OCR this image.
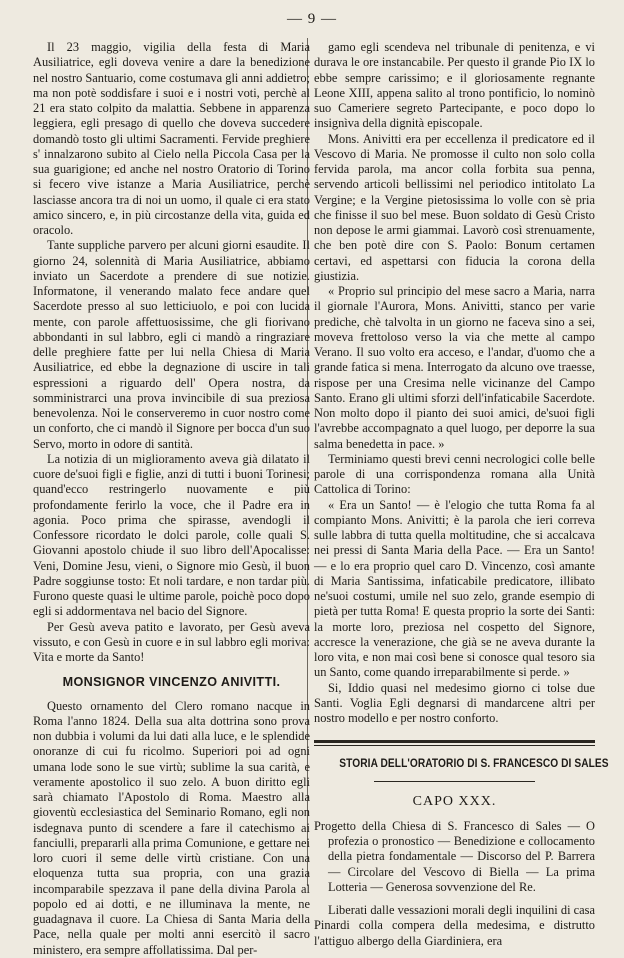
— 9 —

Il 23 maggio, vigilia della festa di Maria Ausiliatrice, egli doveva venire a dare la benedizione nel nostro Santuario, come costumava gli anni addietro; ma non potè soddisfare i suoi e i nostri voti, perchè al 21 era stato colpito da malattia. Sebbene in apparenza leggiera, egli presago di quello che doveva succedere domandò tosto gli ultimi Sacramenti. Fervide preghiere s' innalzarono subito al Cielo nella Piccola Casa per la sua guarigione; ed anche nel nostro Oratorio di Torino si fecero vive istanze a Maria Ausiliatrice, perchè lasciasse ancora tra di noi un uomo, il quale ci era stato amico sincero, e, in più circostanze della vita, guida ed oracolo.

Tante suppliche parvero per alcuni giorni esaudite. Il giorno 24, solennità di Maria Ausiliatrice, abbiamo inviato un Sacerdote a prendere di sue notizie. Informatone, il venerando malato fece andare quel Sacerdote presso al suo letticiuolo, e poi con lucida mente, con parole affettuosissime, che gli fiorivano abbondanti in sul labbro, egli ci mandò a ringraziare delle preghiere fatte per lui nella Chiesa di Maria Ausiliatrice, ed ebbe la degnazione di uscire in tali espressioni a riguardo dell' Opera nostra, da somministrarci una prova invincibile di sua preziosa benevolenza. Noi le conserveremo in cuor nostro come un conforto, che ci mandò il Signore per bocca d'un suo Servo, morto in odore di santità.

La notizia di un miglioramento aveva già dilatato il cuore de'suoi figli e figlie, anzi di tutti i buoni Torinesi; quand'ecco restringerlo nuovamente e più profondamente ferirlo la voce, che il Padre era in agonia. Poco prima che spirasse, avendogli il Confessore ricordato le dolci parole, colle quali S. Giovanni apostolo chiude il suo libro dell'Apocalisse: Veni, Domine Jesu, vieni, o Signore mio Gesù, il buon Padre soggiunse tosto: Et noli tardare, e non tardar più. Furono queste quasi le ultime parole, poichè poco dopo egli si addormentava nel bacio del Signore.

Per Gesù aveva patito e lavorato, per Gesù aveva vissuto, e con Gesù in cuore e in sul labbro egli moriva: Vita e morte da Santo!

MONSIGNOR VINCENZO ANIVITTI.

Questo ornamento del Clero romano nacque in Roma l'anno 1824. Della sua alta dottrina sono prova non dubbia i volumi da lui dati alla luce, e le splendide onoranze di cui fu ricolmo. Superiori poi ad ogni umana lode sono le sue virtù; sublime la sua carità, e veramente apostolico il suo zelo. A buon diritto egli sarà chiamato l'Apostolo di Roma. Maestro alla gioventù ecclesiastica del Seminario Romano, egli non isdegnava punto di scendere a fare il catechismo ai fanciulli, prepararli alla prima Comunione, e gettare nei loro cuori il seme delle virtù cristiane. Con una eloquenza tutta sua propria, con una grazia incomparabile spezzava il pane della divina Parola al popolo ed ai dotti, e ne illuminava la mente, ne guadagnava il cuore. La Chiesa di Santa Maria della Pace, nella quale per molti anni esercitò il sacro ministero, era sempre affollatissima. Dal per-

gamo egli scendeva nel tribunale di penitenza, e vi durava le ore instancabile. Per questo il grande Pio IX lo ebbe sempre carissimo; e il gloriosamente regnante Leone XIII, appena salito al trono pontificio, lo nominò suo Cameriere segreto Partecipante, e poco dopo lo insignìva della dignità episcopale.

Mons. Anivitti era per eccellenza il predicatore ed il Vescovo di Maria. Ne promosse il culto non solo colla fervida parola, ma ancor colla forbita sua penna, servendo articoli bellissimi nel periodico intitolato La Vergine; e la Vergine pietosissima lo volle con sè pria che finisse il suo bel mese. Buon soldato di Gesù Cristo non depose le armi giammai. Lavorò così strenuamente, che ben potè dire con S. Paolo: Bonum certamen certavi, ed aspettarsi con fiducia la corona della giustizia.

« Proprio sul principio del mese sacro a Maria, narra il giornale l'Aurora, Mons. Anivitti, stanco per varie prediche, chè talvolta in un giorno ne faceva sino a sei, moveva frettoloso verso la via che mette al campo Verano. Il suo volto era acceso, e l'andar, d'uomo che a grande fatica si mena. Interrogato da alcuno ove traesse, rispose per una Cresima nelle vicinanze del Campo Santo. Erano gli ultimi sforzi dell'infaticabile Sacerdote. Non molto dopo il pianto dei suoi amici, de'suoi figli l'avrebbe accompagnato a quel luogo, per deporre la sua salma benedetta in pace. »

Terminiamo questi brevi cenni necrologici colle belle parole di una corrispondenza romana alla Unità Cattolica di Torino:

« Era un Santo! — è l'elogio che tutta Roma fa al compianto Mons. Anivitti; è la parola che ieri correva sulle labbra di tutta quella moltitudine, che si accalcava nei pressi di Santa Maria della Pace. — Era un Santo! — e lo era proprio quel caro D. Vincenzo, così amante di Maria Santissima, infaticabile predicatore, illibato ne'suoi costumi, umile nel suo zelo, grande esempio di pietà per tutta Roma! E questa proprio la sorte dei Santi: la morte loro, preziosa nel cospetto del Signore, accresce la venerazione, che già se ne aveva durante la loro vita, e non mai così bene si conosce qual tesoro sia un Santo, come quando irreparabilmente si perde. »

Si, Iddio quasi nel medesimo giorno ci tolse due Santi. Voglia Egli degnarsi di mandarcene altri per nostro modello e per nostro conforto.

STORIA DELL'ORATORIO DI S. FRANCESCO DI SALES

CAPO XXX.

Progetto della Chiesa di S. Francesco di Sales — O profezia o pronostico — Benedizione e collocamento della pietra fondamentale — Discorso del P. Barrera — Circolare del Vescovo di Biella — La prima Lotteria — Generosa sovvenzione del Re.

Liberati dalle vessazioni morali degli inquilini di casa Pinardi colla compera della medesima, e distrutto l'attiguo albergo della Giardiniera, era
